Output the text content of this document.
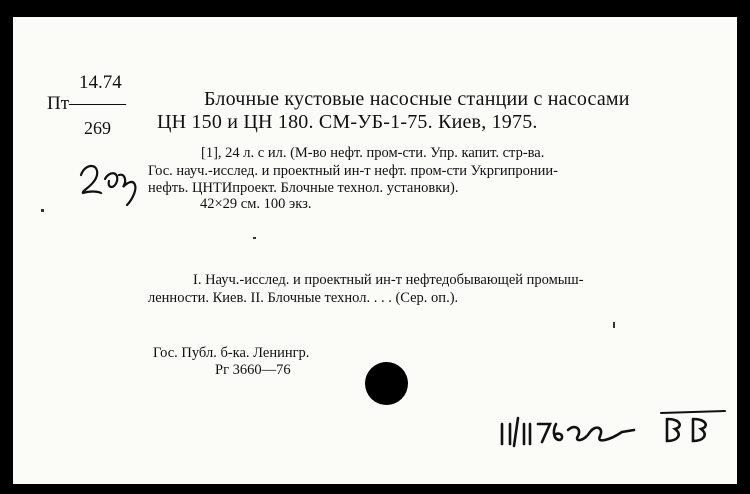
14.74
Пт———
269
Блочные кустовые насосные станции с насосами
ЦН 150 и ЦН 180. СМ-УБ-1-75. Киев, 1975.
[1], 24 л. с ил. (М-во нефт. пром-сти. Упр. капит. стр-ва.
Гос. науч.-исслед. и проектный ин-т нефт. пром-сти Укргипронии-
нефть. ЦНТИпроект. Блочные технол. установки).
42×29 см. 100 экз.
I. Науч.-исслед. и проектный ин-т нефтедобывающей промыш-
ленности. Киев. II. Блочные технол. . . . (Сер. оп.).
Гос. Публ. б-ка. Ленингр.
Рг 3660—76
